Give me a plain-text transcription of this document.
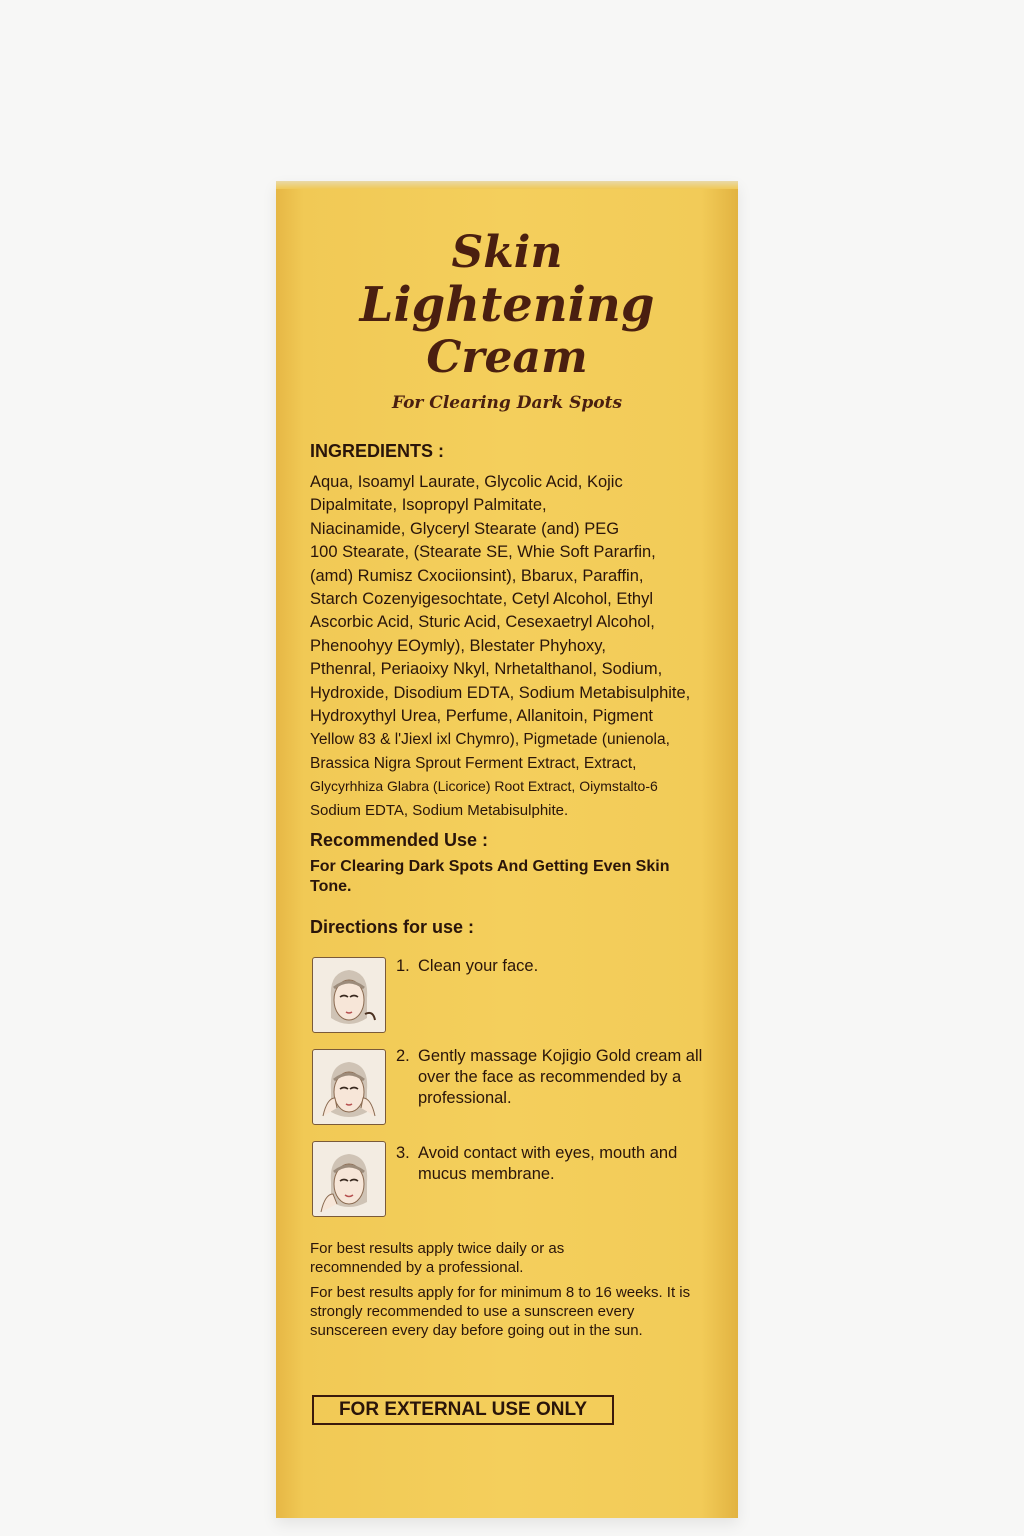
Skin
Lightening
Cream
For Clearing Dark Spots
INGREDIENTS :
Aqua, Isoamyl Laurate, Glycolic Acid, Kojic
Dipalmitate, Isopropyl Palmitate,
Niacinamide, Glyceryl Stearate (and) PEG
100 Stearate, (Stearate SE, Whie Soft Pararfin,
(amd) Rumisz Cxociionsint), Bbarux, Paraffin,
Starch Cozenyigesochtate, Cetyl Alcohol, Ethyl
Ascorbic Acid, Sturic Acid, Cesexaetryl Alcohol,
Phenoohyy EOymly), Blestater Phyhoxy,
Pthenral, Periaoixy Nkyl, Nrhetalthanol, Sodium,
Hydroxide, Disodium EDTA, Sodium Metabisulphite,
Hydroxythyl Urea, Perfume, Allanitoin, Pigment
Yellow 83 & l'Jiexl ixl Chymro), Pigmetade (unienola,
Brassica Nigra Sprout Ferment Extract, Extract,
Glycyrhhiza Glabra (Licorice) Root Extract, Oiymstalto-6
Sodium EDTA, Sodium Metabisulphite.
Recommended Use :
For Clearing Dark Spots And Getting Even Skin Tone.
Directions for use :
1. Clean your face.
2. Gently massage Kojigio Gold cream all over the face as recommended by a professional.
3. Avoid contact with eyes, mouth and mucus membrane.
For best results apply twice daily or as recomnended by a professional.
For best results apply for for minimum 8 to 16 weeks. It is strongly recommended to use a sunscreen every sunscereen every day before going out in the sun.
FOR EXTERNAL USE ONLY
